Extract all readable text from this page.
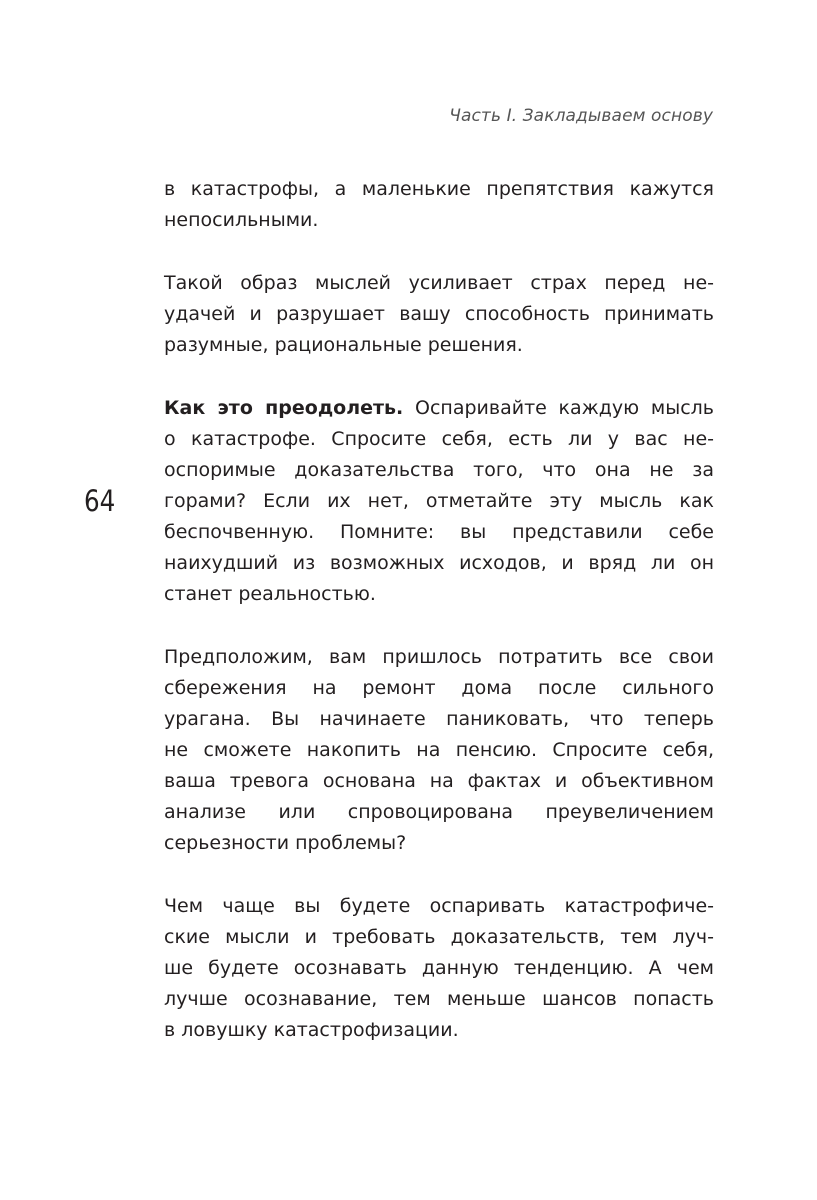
Часть I. Закладываем основу
64

в катастрофы, а маленькие препятствия кажутся
непосильными.

Такой образ мыслей усиливает страх перед не-
удачей и разрушает вашу способность принимать
разумные, рациональные решения.

Как это преодолеть. Оспаривайте каждую мысль
о катастрофе. Спросите себя, есть ли у вас не-
оспоримые доказательства того, что она не за
горами? Если их нет, отметайте эту мысль как
беспочвенную. Помните: вы представили себе
наихудший из возможных исходов, и вряд ли он
станет реальностью.

Предположим, вам пришлось потратить все свои
сбережения на ремонт дома после сильного
урагана. Вы начинаете паниковать, что теперь
не сможете накопить на пенсию. Спросите себя,
ваша тревога основана на фактах и объективном
анализе или спровоцирована преувеличением
серьезности проблемы?

Чем чаще вы будете оспаривать катастрофиче-
ские мысли и требовать доказательств, тем луч-
ше будете осознавать данную тенденцию. А чем
лучше осознавание, тем меньше шансов попасть
в ловушку катастрофизации.
